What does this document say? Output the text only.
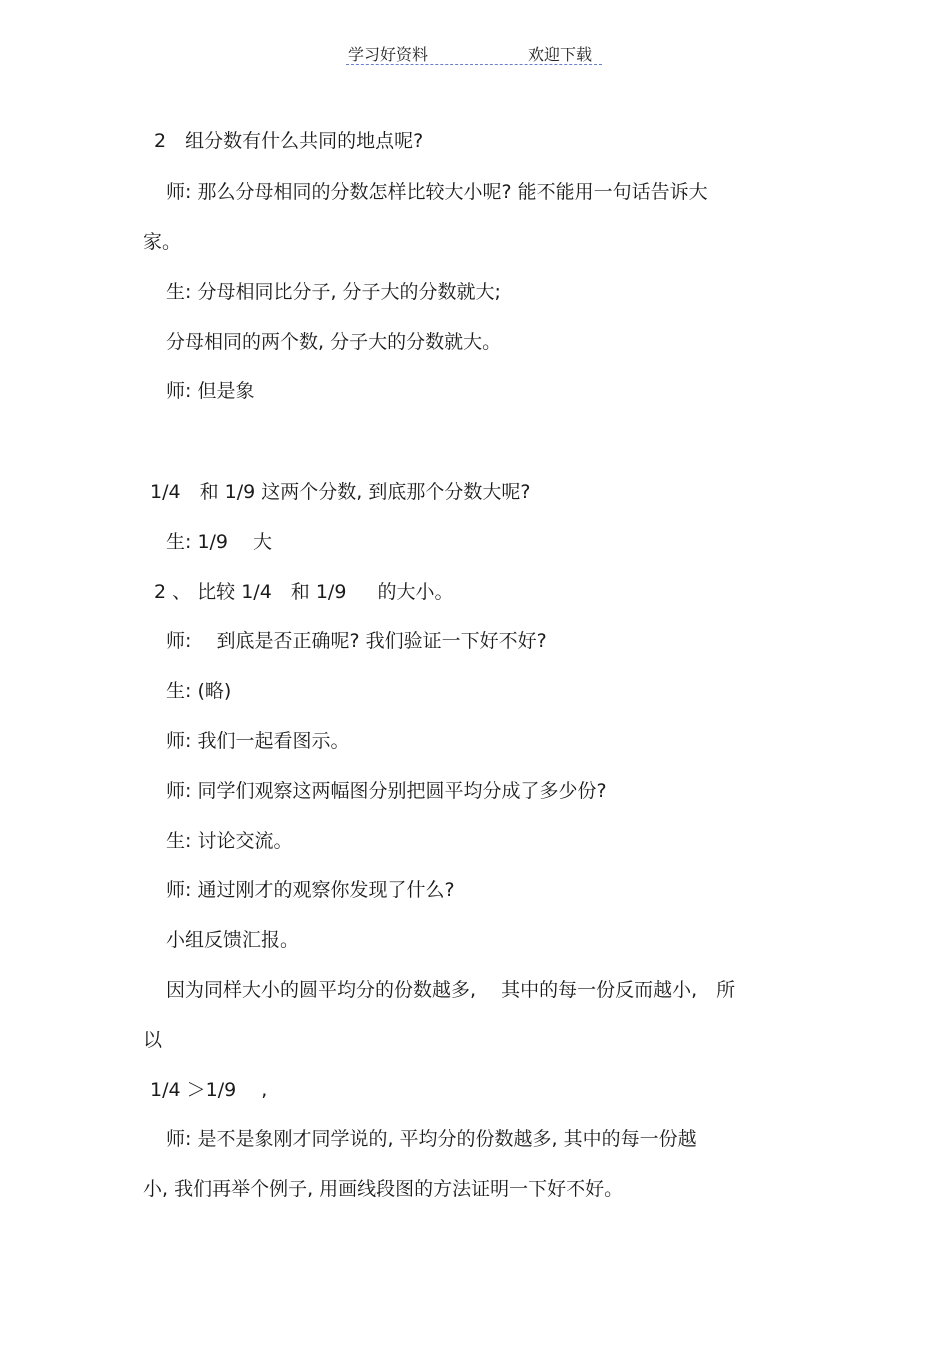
学习好资料	欢迎下载
2　组分数有什么共同的地点呢?
师: 那么分母相同的分数怎样比较大小呢? 能不能用一句话告诉大
家。
生: 分母相同比分子, 分子大的分数就大;
分母相同的两个数, 分子大的分数就大。
师: 但是象
1/4　和 1/9 这两个分数, 到底那个分数大呢?
生: 1/9　 大
2 、 比较 1/4　和 1/9 　 的大小。
师:　 到底是否正确呢? 我们验证一下好不好?
生: (略)
师: 我们一起看图示。
师: 同学们观察这两幅图分别把圆平均分成了多少份?
生: 讨论交流。
师: 通过刚才的观察你发现了什么?
小组反馈汇报。
因为同样大小的圆平均分的份数越多,　 其中的每一份反而越小,　所
以
1/4 ＞1/9　 ,
师: 是不是象刚才同学说的, 平均分的份数越多, 其中的每一份越
小, 我们再举个例子, 用画线段图的方法证明一下好不好。
